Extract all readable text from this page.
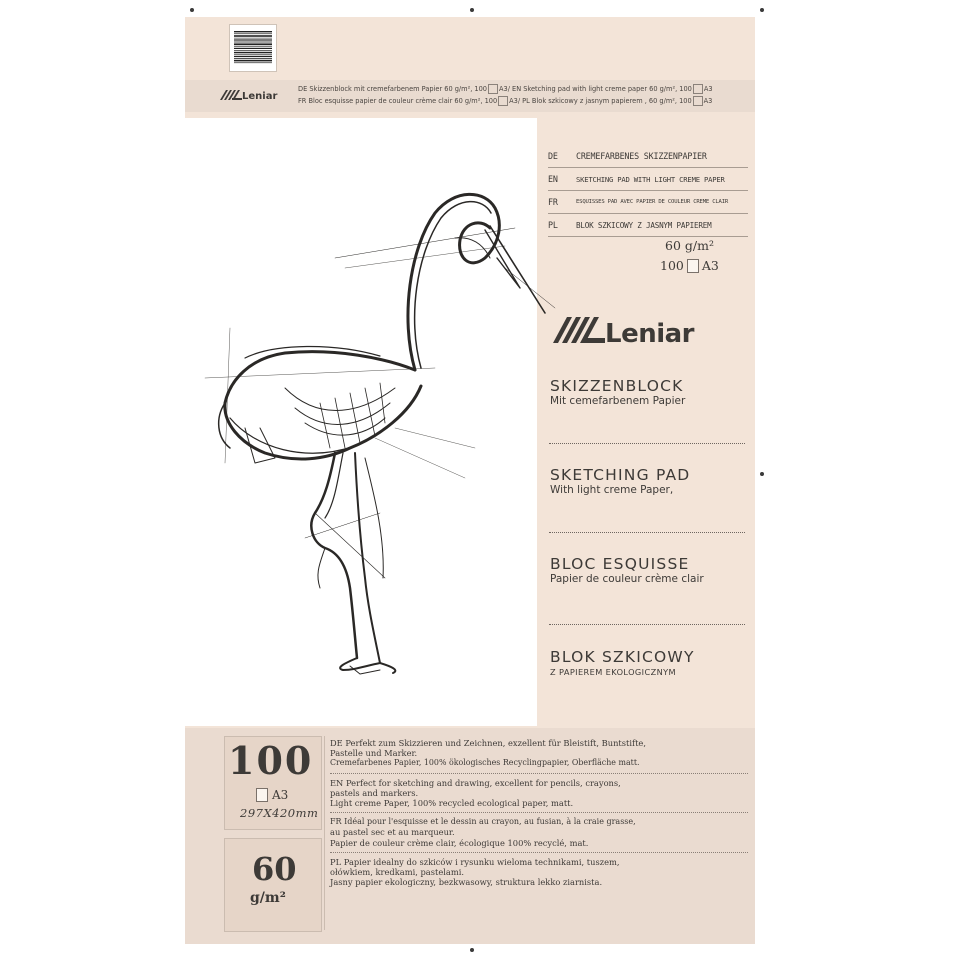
Leniar
DE Skizzenblock mit cremefarbenem Papier 60 g/m², 100 A3/ EN Sketching pad with light creme paper 60 g/m², 100 A3
FR Bloc esquisse papier de couleur crème clair 60 g/m², 100 A3/ PL Blok szkicowy z jasnym papierem , 60 g/m², 100 A3
DE	CREMEFARBENES SKIZZENPAPIER
EN	SKETCHING PAD WITH LIGHT CREME PAPER
FR	ESQUISSES PAD AVEC PAPIER DE COULEUR CRÈME CLAIR
PL	BLOK SZKICOWY Z JASNYM PAPIEREM
60 g/m²
100 A3
Leniar
SKIZZENBLOCK
Mit cemefarbenem Papier
SKETCHING PAD
With light creme Paper,
BLOC ESQUISSE
Papier de couleur crème clair
BLOK SZKICOWY
Z PAPIEREM EKOLOGICZNYM
100
A3
297X420mm
60
g/m²
DE Perfekt zum Skizzieren und Zeichnen, exzellent für Bleistift, Buntstifte,
Pastelle und Marker.
Cremefarbenes Papier, 100% ökologisches Recyclingpapier, Oberfläche matt.
EN Perfect for sketching and drawing, excellent for pencils, crayons,
pastels and markers.
Light creme Paper, 100% recycled ecological paper, matt.
FR Idéal pour l'esquisse et le dessin au crayon, au fusian, à la craie grasse,
au pastel sec et au marqueur.
Papier de couleur crème clair, écologique 100% recyclé, mat.
PL Papier idealny do szkiców i rysunku wieloma technikami, tuszem,
ołówkiem, kredkami, pastelami.
Jasny papier ekologiczny, bezkwasowy, struktura lekko ziarnista.
